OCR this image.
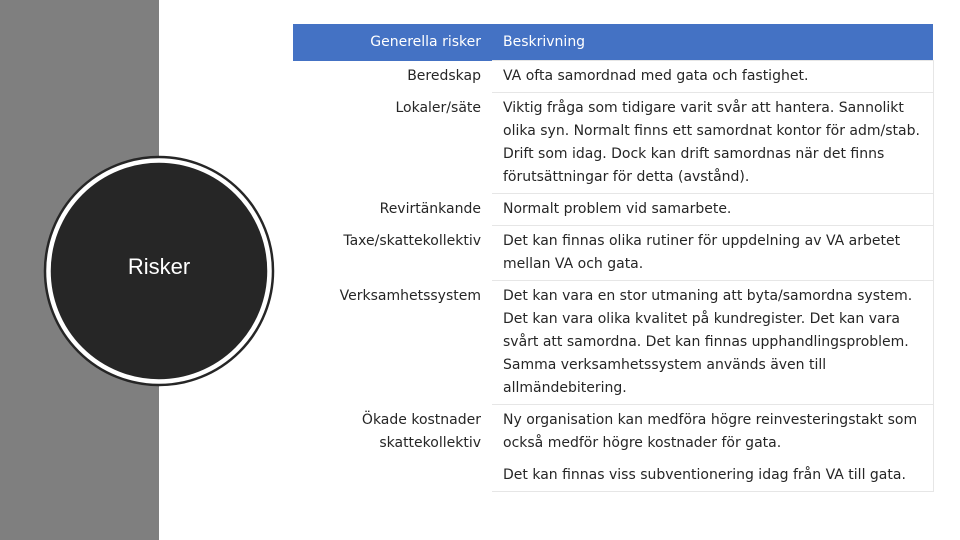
Risker
Generella risker	Beskrivning
Beredskap	VA ofta samordnad med gata och fastighet.

Lokaler/säte	Viktig fråga som tidigare varit svår att hantera. Sannolikt olika syn. Normalt finns ett samordnat kontor för adm/stab. Drift som idag. Dock kan drift samordnas när det finns förutsättningar för detta (avstånd).

Revirtänkande	Normalt problem vid samarbete.

Taxe/skattekollektiv	Det kan finnas olika rutiner för uppdelning av VA arbetet mellan VA och gata.

Verksamhetssystem	Det kan vara en stor utmaning att byta/samordna system. Det kan vara olika kvalitet på kundregister. Det kan vara svårt att samordna. Det kan finnas upphandlingsproblem. Samma verksamhetssystem används även till allmändebitering.

Ökade kostnader skattekollektiv	Ny organisation kan medföra högre reinvesteringstakt som också medför högre kostnader för gata.

Det kan finnas viss subventionering idag från VA till gata.
